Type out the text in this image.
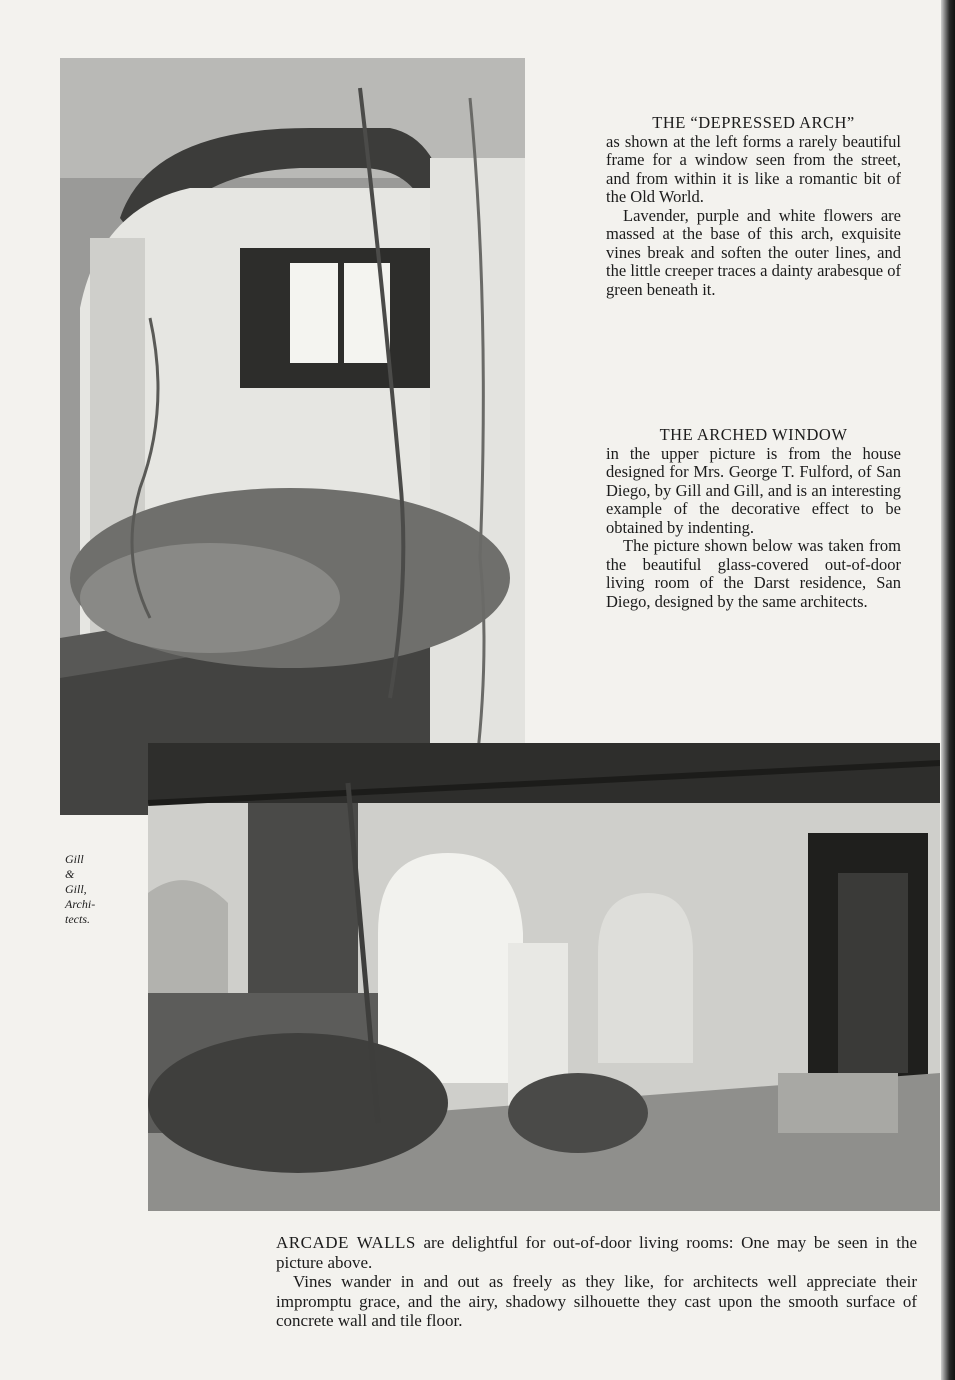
THE “DEPRESSED ARCH”

as shown at the left forms a rarely beautiful frame for a window seen from the street, and from within it is like a romantic bit of the Old World.

Lavender, purple and white flowers are massed at the base of this arch, exquisite vines break and soften the outer lines, and the little creeper traces a dainty arabesque of green beneath it.

THE ARCHED WINDOW

in the upper picture is from the house designed for Mrs. George T. Fulford, of San Diego, by Gill and Gill, and is an interesting example of the decorative effect to be obtained by indenting.

The picture shown below was taken from the beautiful glass-covered out-of-door living room of the Darst residence, San Diego, designed by the same architects.

Gill
&
Gill,
Archi-
tects.

ARCADE WALLS are delightful for out-of-door living rooms: One may be seen in the picture above.

Vines wander in and out as freely as they like, for architects well appreciate their impromptu grace, and the airy, shadowy silhouette they cast upon the smooth surface of concrete wall and tile floor.
